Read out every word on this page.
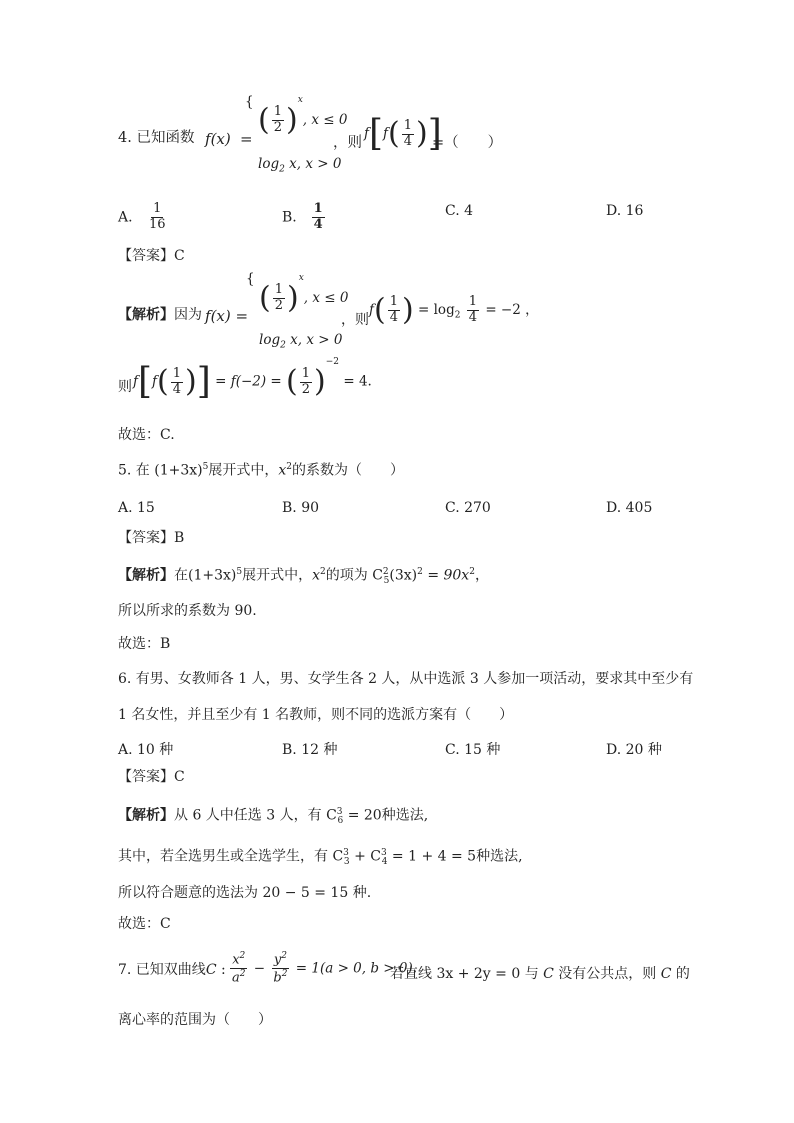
4. 已知函数 f(x) =
{
( $\frac{1}{2} )^x$, x ≤ 0
$\log_2 x$, x > 0
，则
$f[f( \frac{1}{4}$ )]
=（　　）
A. $\frac{1}{16}$	B. $\frac{1}{4}$	C. 4	D. 16
【答案】C
【解析】因为 f(x) =
{
( $\frac{1}{2} )^x$, x ≤ 0
$\log_2 x$, x > 0
，则
$f( \frac{1}{4}$ ) = $\log_2 \frac{1}{4} = -2$ ，
则 $f[f( \frac{1}{4}$ )] = f(−2) = ( $\frac{1}{2} )^{-2} = 4$.
故选：C.
5. 在 $(1+3x)^5$展开式中，$x^2$的系数为（　　）
A. 15	B. 90	C. 270	D. 405
【答案】B
【解析】在$(1+3x)^5$展开式中，$x^2$的项为 $C^2_5(3x)^2 = 90x^2$，
所以所求的系数为 90.
故选：B
6. 有男、女教师各 1 人，男、女学生各 2 人，从中选派 3 人参加一项活动，要求其中至少有
1 名女性，并且至少有 1 名教师，则不同的选派方案有（　　）
A. 10 种	B. 12 种	C. 15 种	D. 20 种
【答案】C
【解析】从 6 人中任选 3 人，有 $C^3_6 = 20$种选法,
其中，若全选男生或全选学生，有 $C^3_3 + C^3_4 = 1 + 4 = 5$种选法,
所以符合题意的选法为 20 − 5 = 15 种.
故选：C
7. 已知双曲线C : $\frac{x^2}{a^2} - \frac{y^2}{b^2} = 1(a > 0$, b > 0).
若直线 3x + 2y = 0 与 C 没有公共点，则 C 的
离心率的范围为（　　）
